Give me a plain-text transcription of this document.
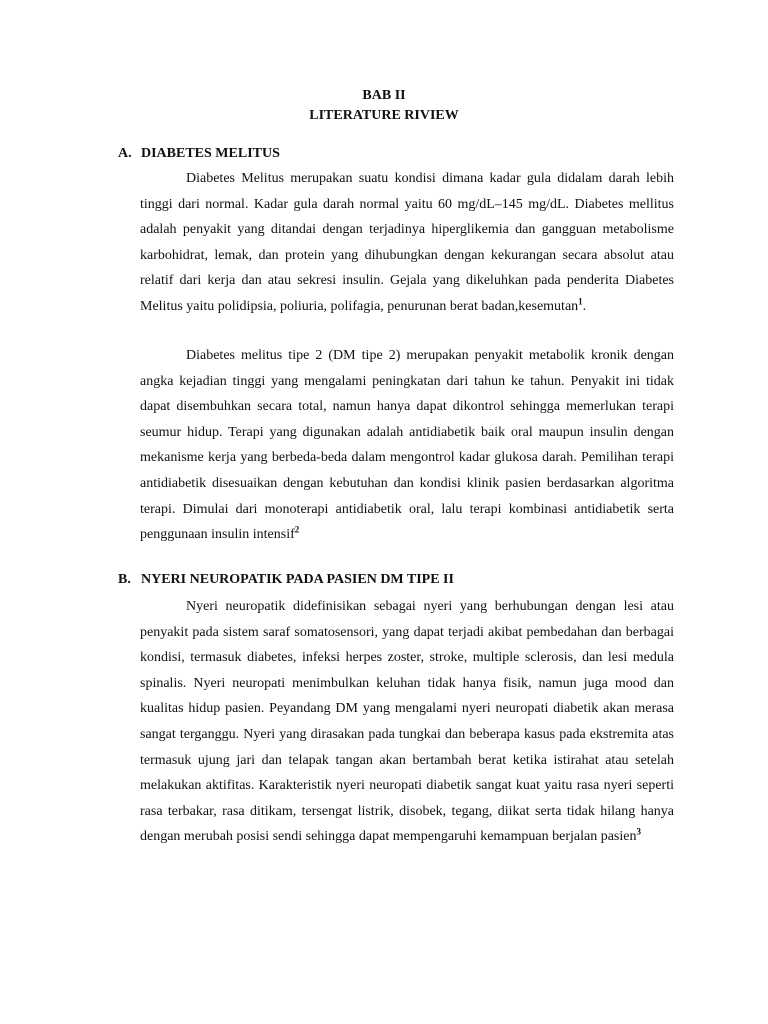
BAB II
LITERATURE RIVIEW
A. DIABETES MELITUS

Diabetes Melitus merupakan suatu kondisi dimana kadar gula didalam darah lebih tinggi dari normal. Kadar gula darah normal yaitu 60 mg/dL–145 mg/dL. Diabetes mellitus adalah penyakit yang ditandai dengan terjadinya hiperglikemia dan gangguan metabolisme karbohidrat, lemak, dan protein yang dihubungkan dengan kekurangan secara absolut atau relatif dari kerja dan atau sekresi insulin. Gejala yang dikeluhkan pada penderita Diabetes Melitus yaitu polidipsia, poliuria, polifagia, penurunan berat badan,kesemutan$^1$.

Diabetes melitus tipe 2 (DM tipe 2) merupakan penyakit metabolik kronik dengan angka kejadian tinggi yang mengalami peningkatan dari tahun ke tahun. Penyakit ini tidak dapat disembuhkan secara total, namun hanya dapat dikontrol sehingga memerlukan terapi seumur hidup. Terapi yang digunakan adalah antidiabetik baik oral maupun insulin dengan mekanisme kerja yang berbeda-beda dalam mengontrol kadar glukosa darah. Pemilihan terapi antidiabetik disesuaikan dengan kebutuhan dan kondisi klinik pasien berdasarkan algoritma terapi. Dimulai dari monoterapi antidiabetik oral, lalu terapi kombinasi antidiabetik serta penggunaan insulin intensif$^2$

B. NYERI NEUROPATIK PADA PASIEN DM TIPE II

Nyeri neuropatik didefinisikan sebagai nyeri yang berhubungan dengan lesi atau penyakit pada sistem saraf somatosensori, yang dapat terjadi akibat pembedahan dan berbagai kondisi, termasuk diabetes, infeksi herpes zoster, stroke, multiple sclerosis, dan lesi medula spinalis. Nyeri neuropati menimbulkan keluhan tidak hanya fisik, namun juga mood dan kualitas hidup pasien. Peyandang DM yang mengalami nyeri neuropati diabetik akan merasa sangat terganggu. Nyeri yang dirasakan pada tungkai dan beberapa kasus pada ekstremita atas termasuk ujung jari dan telapak tangan akan bertambah berat ketika istirahat atau setelah melakukan aktifitas. Karakteristik nyeri neuropati diabetik sangat kuat yaitu rasa nyeri seperti rasa terbakar, rasa ditikam, tersengat listrik, disobek, tegang, diikat serta tidak hilang hanya dengan merubah posisi sendi sehingga dapat mempengaruhi kemampuan berjalan pasien$^3$
